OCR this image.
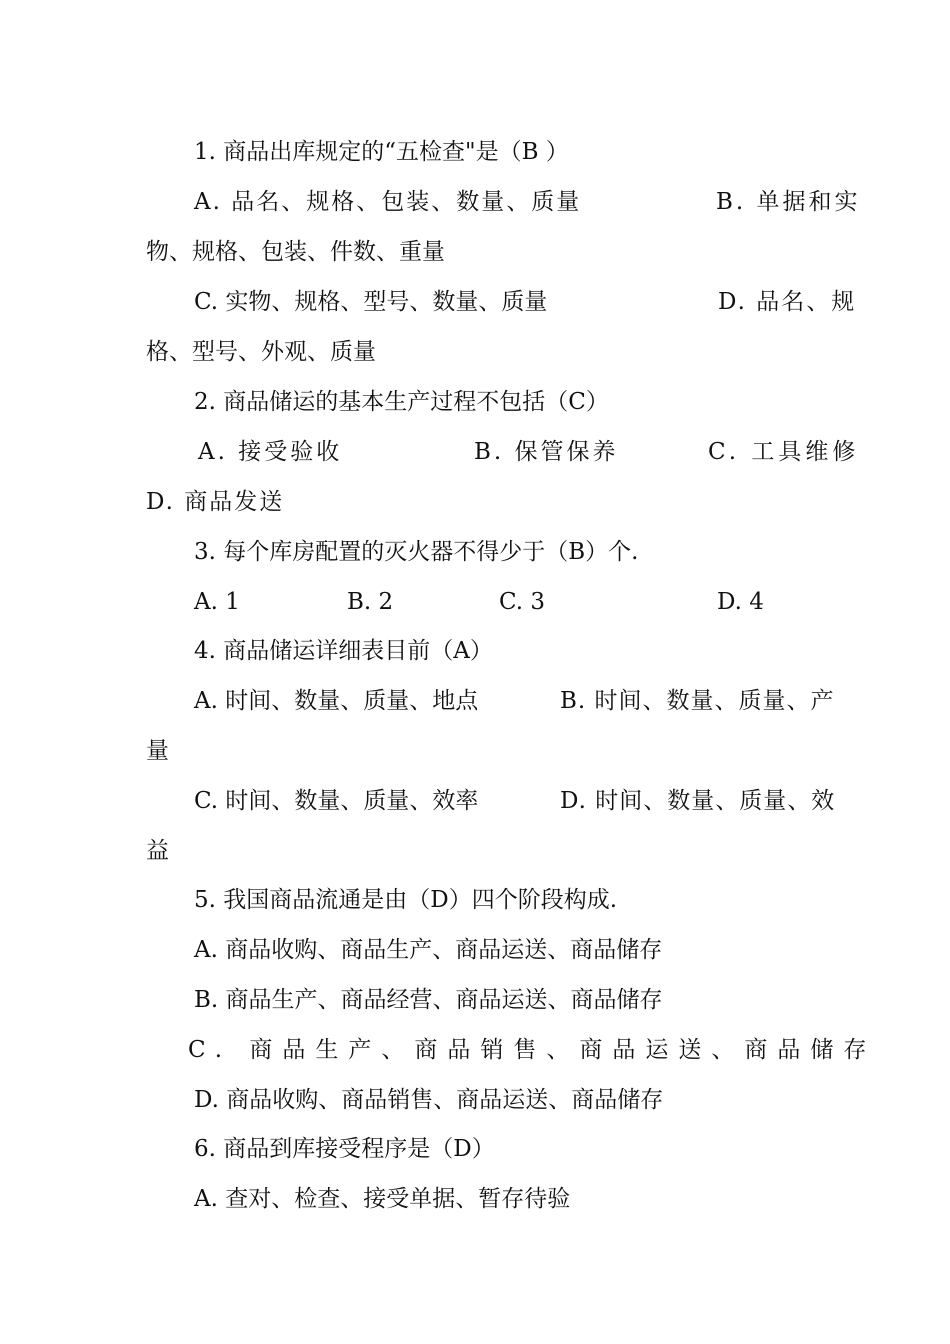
1. 商品出库规定的“五检查"是（B ）

A. 品名、规格、包装、数量、质量	B. 单据和实

物、规格、包装、件数、重量

C. 实物、规格、型号、数量、质量	D. 品名、规

格、型号、外观、质量

2. 商品储运的基本生产过程不包括（C）

A. 接受验收	B. 保管保养	C. 工具维修

D. 商品发送

3. 每个库房配置的灭火器不得少于（B）个.

A. 1	B. 2	C. 3	D. 4

4. 商品储运详细表目前（A）

A. 时间、数量、质量、地点	B. 时间、数量、质量、产

量

C. 时间、数量、质量、效率	D. 时间、数量、质量、效

益

5. 我国商品流通是由（D）四个阶段构成.

A. 商品收购、商品生产、商品运送、商品储存

B. 商品生产、商品经营、商品运送、商品储存

C. 商品生产、商品销售、商品运送、商品储存

D. 商品收购、商品销售、商品运送、商品储存

6. 商品到库接受程序是（D）

A. 查对、检查、接受单据、暂存待验
